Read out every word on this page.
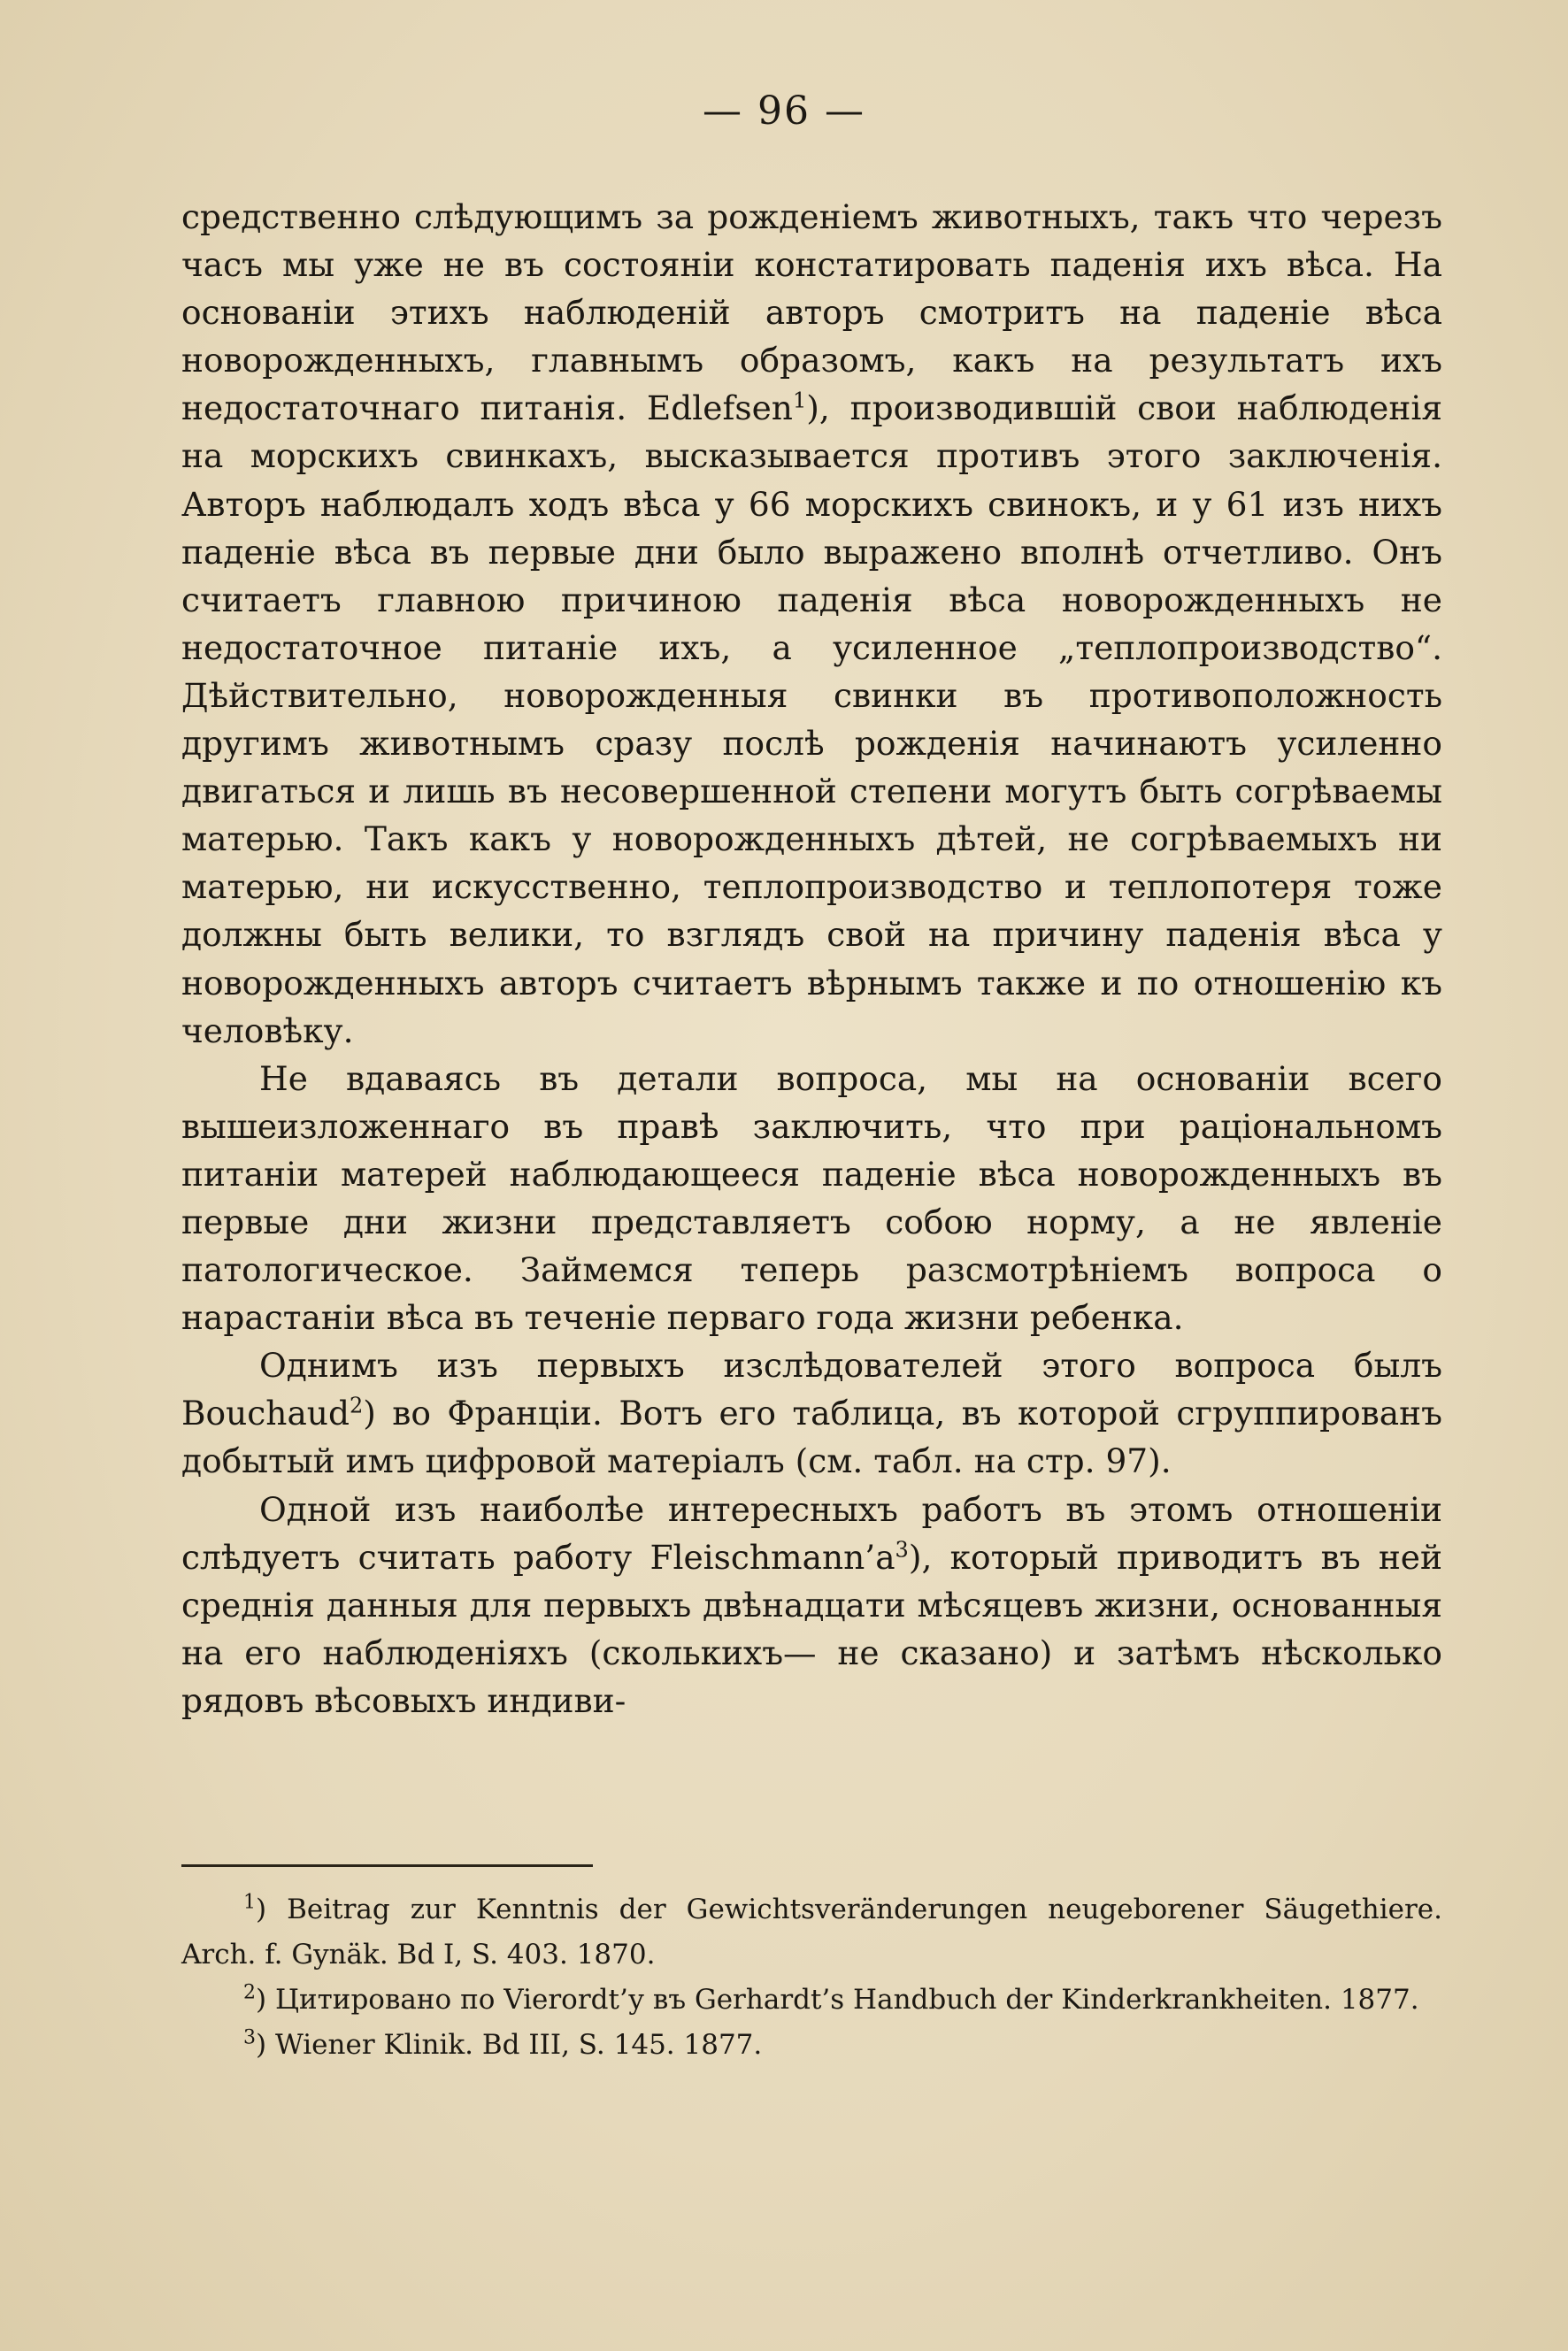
— 96 —

средственно слѣдующимъ за рожденіемъ животныхъ, такъ что черезъ часъ мы уже не въ состояніи констатировать паденія ихъ вѣса. На основаніи этихъ наблюденій авторъ смотритъ на паденіе вѣса новорожденныхъ, главнымъ образомъ, какъ на результатъ ихъ недостаточнаго питанія. Edlefsen$^1$), производившій свои наблюденія на морскихъ свинкахъ, высказывается противъ этого заключенія. Авторъ наблюдалъ ходъ вѣса у 66 морскихъ свинокъ, и у 61 изъ нихъ паденіе вѣса въ первые дни было выражено вполнѣ отчетливо. Онъ считаетъ главною причиною паденія вѣса новорожденныхъ не недостаточное питаніе ихъ, а усиленное „теплопроизводство“. Дѣйствительно, новорожденныя свинки въ противоположность другимъ животнымъ сразу послѣ рожденія начинаютъ усиленно двигаться и лишь въ несовершенной степени могутъ быть согрѣваемы матерью. Такъ какъ у новорожденныхъ дѣтей, не согрѣваемыхъ ни матерью, ни искусственно, теплопроизводство и теплопотеря тоже должны быть велики, то взглядъ свой на причину паденія вѣса у новорожденныхъ авторъ считаетъ вѣрнымъ также и по отношенію къ человѣку.

Не вдаваясь въ детали вопроса, мы на основаніи всего вышеизложеннаго въ правѣ заключить, что при раціональномъ питаніи матерей наблюдающееся паденіе вѣса новорожденныхъ въ первые дни жизни представляетъ собою норму, а не явленіе патологическое. Займемся теперь разсмотрѣніемъ вопроса о нарастаніи вѣса въ теченіе перваго года жизни ребенка.

Однимъ изъ первыхъ изслѣдователей этого вопроса былъ Bouchaud$^2$) во Франціи. Вотъ его таблица, въ которой сгруппированъ добытый имъ цифровой матеріалъ (см. табл. на стр. 97).

Одной изъ наиболѣе интересныхъ работъ въ этомъ отношеніи слѣдуетъ считать работу $Fleischmann’a^3$), который приводитъ въ ней среднія данныя для первыхъ двѣнадцати мѣсяцевъ жизни, основанныя на его наблюденіяхъ (сколькихъ— не сказано) и затѣмъ нѣсколько рядовъ вѣсовыхъ индиви-

$^1$) Beitrag zur Kenntnis der Gewichtsveränderungen neugeborener Säugethiere. Arch. f. Gynäk. Bd I, S. 403. 1870.

$^2$) Цитировано по Vierordt’у въ Gerhardt’s Handbuch der Kinderkrankheiten. 1877.

$^3$) Wiener Klinik. Bd III, S. 145. 1877.
